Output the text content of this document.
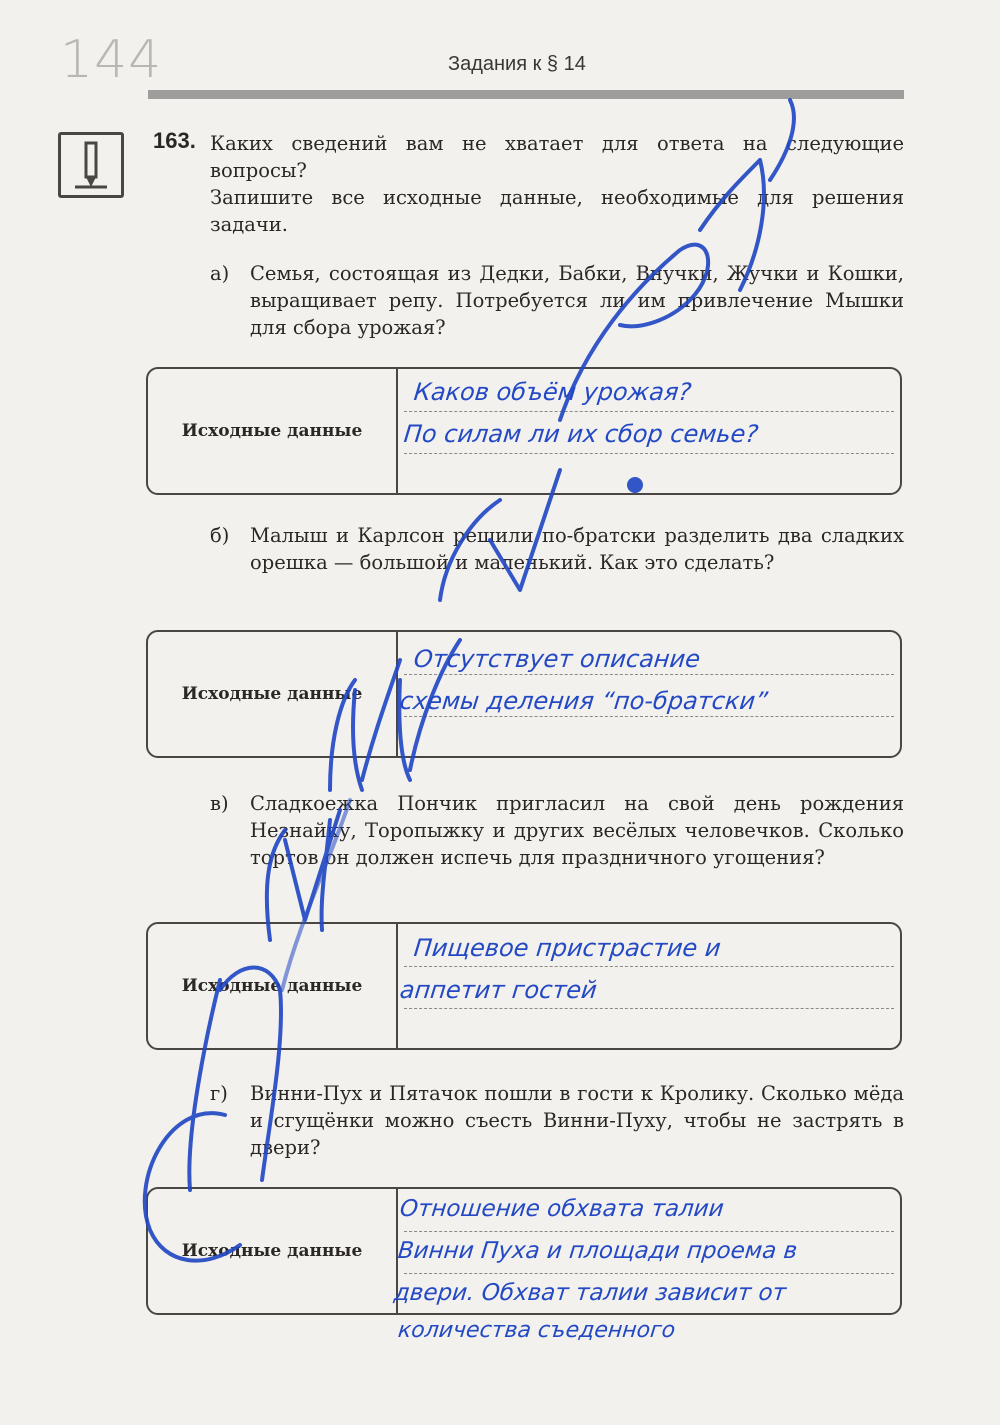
144	Задания к § 14
163. Каких сведений вам не хватает для ответа на следующие вопросы?
Запишите все исходные данные, необходимые для решения задачи.
а) Семья, состоящая из Дедки, Бабки, Внучки, Жучки и Кошки, выращивает репу. Потребуется ли им привлечение Мышки для сбора урожая?
Исходные данные
Каков объём урожая?
По силам ли их сбор семье?
б) Малыш и Карлсон решили по-братски разделить два сладких орешка — большой и маленький. Как это сделать?
Исходные данные
Отсутствует описание
схемы деления “по-братски”
в) Сладкоежка Пончик пригласил на свой день рождения Незнайку, Торопыжку и других весёлых человечков. Сколько тортов он должен испечь для праздничного угощения?
Исходные данные
Пищевое пристрастие и
аппетит гостей
г) Винни-Пух и Пятачок пошли в гости к Кролику. Сколько мёда и сгущёнки можно съесть Винни-Пуху, чтобы не застрять в двери?
Исходные данные
Отношение обхвата талии
Винни Пуха и площади проема в
двери. Обхват талии зависит от
количества съеденного
